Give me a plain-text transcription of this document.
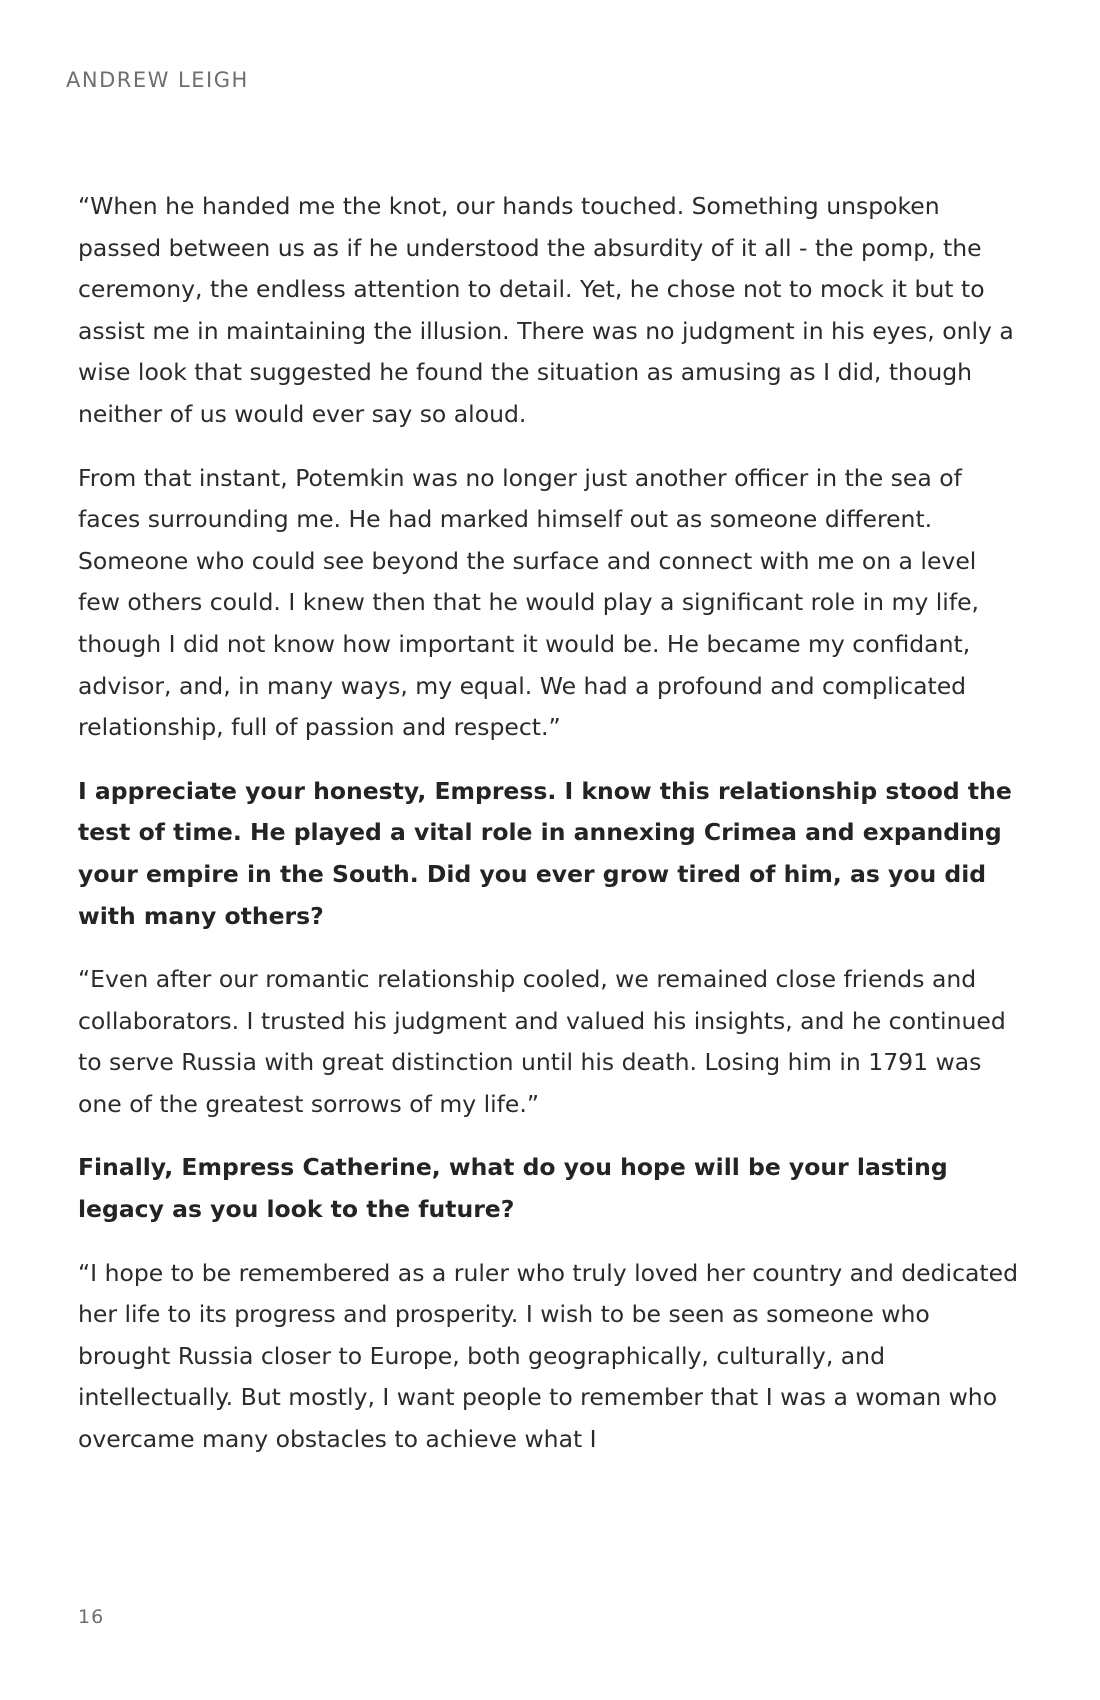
ANDREW LEIGH

“When he handed me the knot, our hands touched. Something unspoken passed between us as if he understood the absurdity of it all - the pomp, the ceremony, the endless attention to detail. Yet, he chose not to mock it but to assist me in maintaining the illusion. There was no judgment in his eyes, only a wise look that suggested he found the situation as amusing as I did, though neither of us would ever say so aloud.

From that instant, Potemkin was no longer just another officer in the sea of faces surrounding me. He had marked himself out as someone different. Someone who could see beyond the surface and connect with me on a level few others could. I knew then that he would play a significant role in my life, though I did not know how important it would be. He became my confidant, advisor, and, in many ways, my equal. We had a profound and complicated relationship, full of passion and respect.”

I appreciate your honesty, Empress. I know this relationship stood the test of time. He played a vital role in annexing Crimea and expanding your empire in the South. Did you ever grow tired of him, as you did with many others?

“Even after our romantic relationship cooled, we remained close friends and collaborators. I trusted his judgment and valued his insights, and he continued to serve Russia with great distinction until his death. Losing him in 1791 was one of the greatest sorrows of my life.”

Finally, Empress Catherine, what do you hope will be your lasting legacy as you look to the future?

“I hope to be remembered as a ruler who truly loved her country and dedicated her life to its progress and prosperity. I wish to be seen as someone who brought Russia closer to Europe, both geographically, culturally, and intellectually. But mostly, I want people to remember that I was a woman who overcame many obstacles to achieve what I

16
